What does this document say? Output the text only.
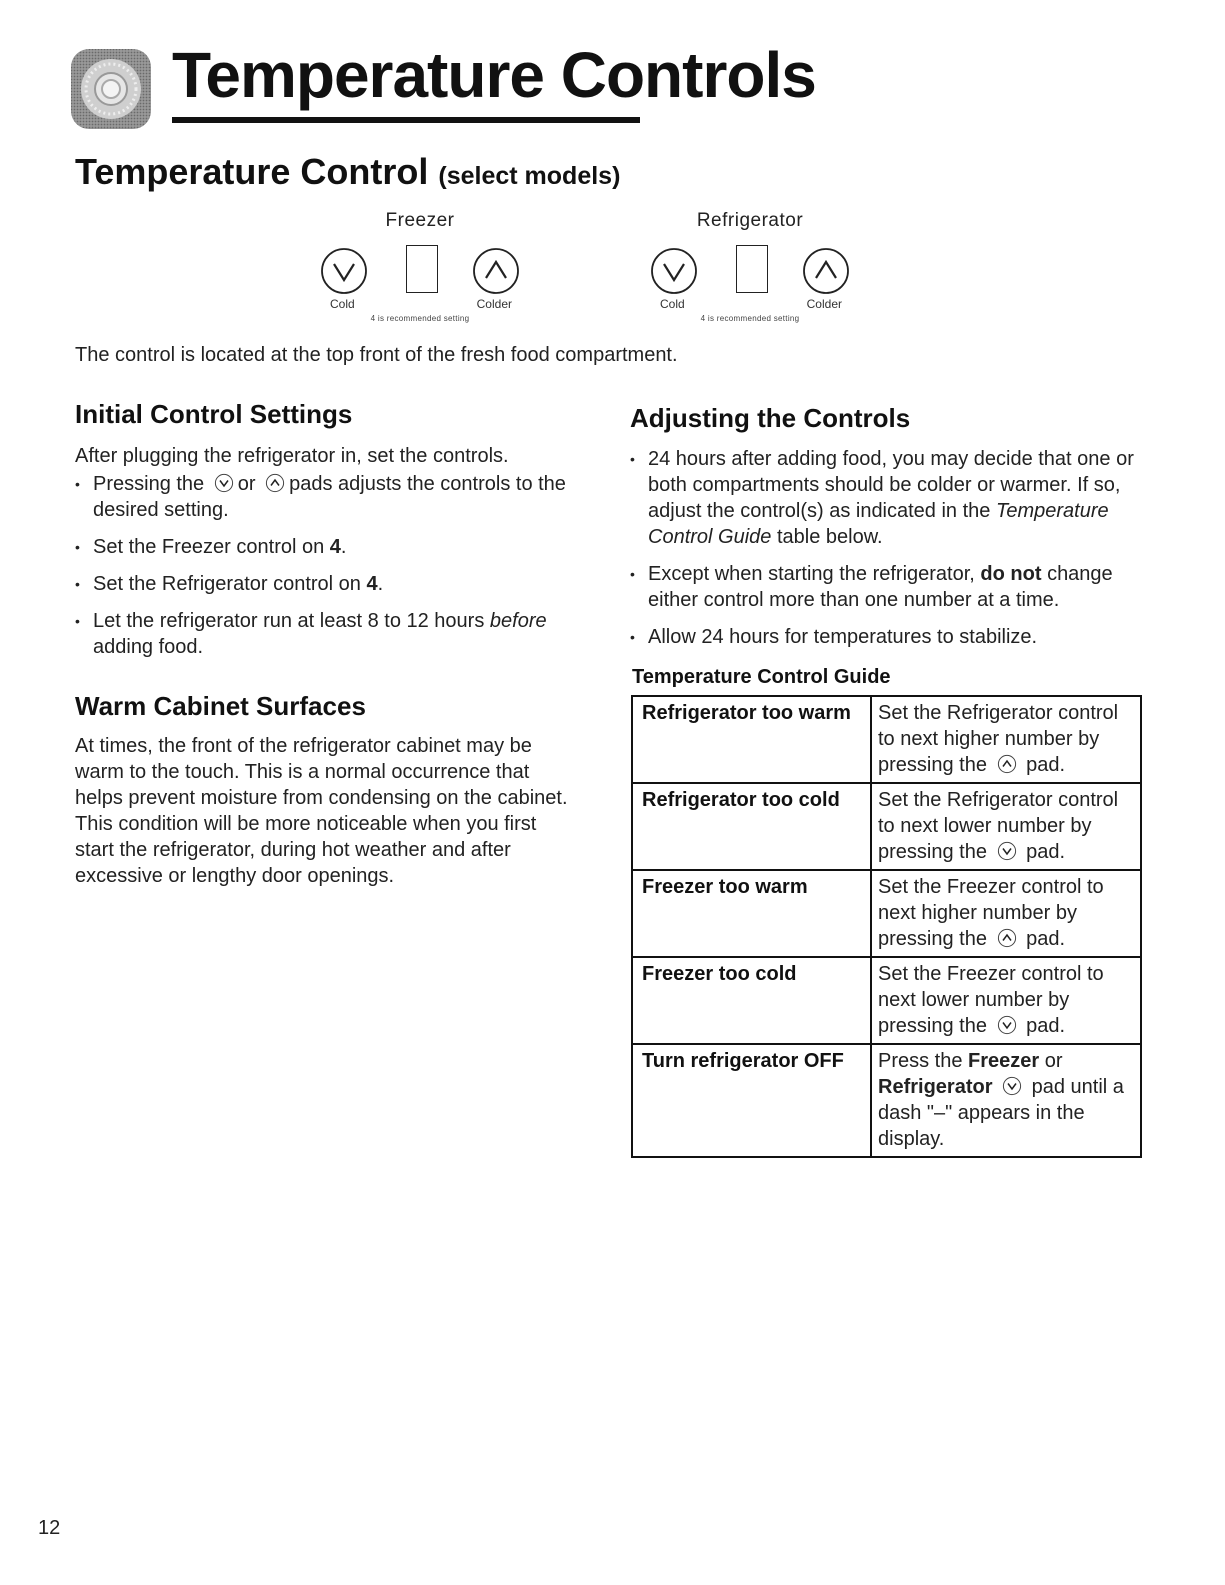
Temperature Controls
Temperature Control (select models)
Freezer
Cold	Colder
4 is recommended setting
Refrigerator
Cold	Colder
4 is recommended setting
The control is located at the top front of the fresh food compartment.
Initial Control Settings
After plugging the refrigerator in, set the controls.
• Pressing the or pads adjusts the controls to the desired setting.
• Set the Freezer control on 4.
• Set the Refrigerator control on 4.
• Let the refrigerator run at least 8 to 12 hours before adding food.
Warm Cabinet Surfaces

At times, the front of the refrigerator cabinet may be warm to the touch. This is a normal occurrence that helps prevent moisture from condensing on the cabinet. This condition will be more noticeable when you first start the refrigerator, during hot weather and after excessive or lengthy door openings.

Adjusting the Controls
• 24 hours after adding food, you may decide that one or both compartments should be colder or warmer. If so, adjust the control(s) as indicated in the Temperature Control Guide table below.
• Except when starting the refrigerator, do not change either control more than one number at a time.
• Allow 24 hours for temperatures to stabilize.
Temperature Control Guide
Refrigerator too warm	Set the Refrigerator control to next higher number by pressing the pad.
Refrigerator too cold	Set the Refrigerator control to next lower number by pressing the pad.
Freezer too warm	Set the Freezer control to next higher number by pressing the pad.
Freezer too cold	Set the Freezer control to next lower number by pressing the pad.
Turn refrigerator OFF	Press the Freezer or Refrigerator pad until a dash "–" appears in the display.
12
